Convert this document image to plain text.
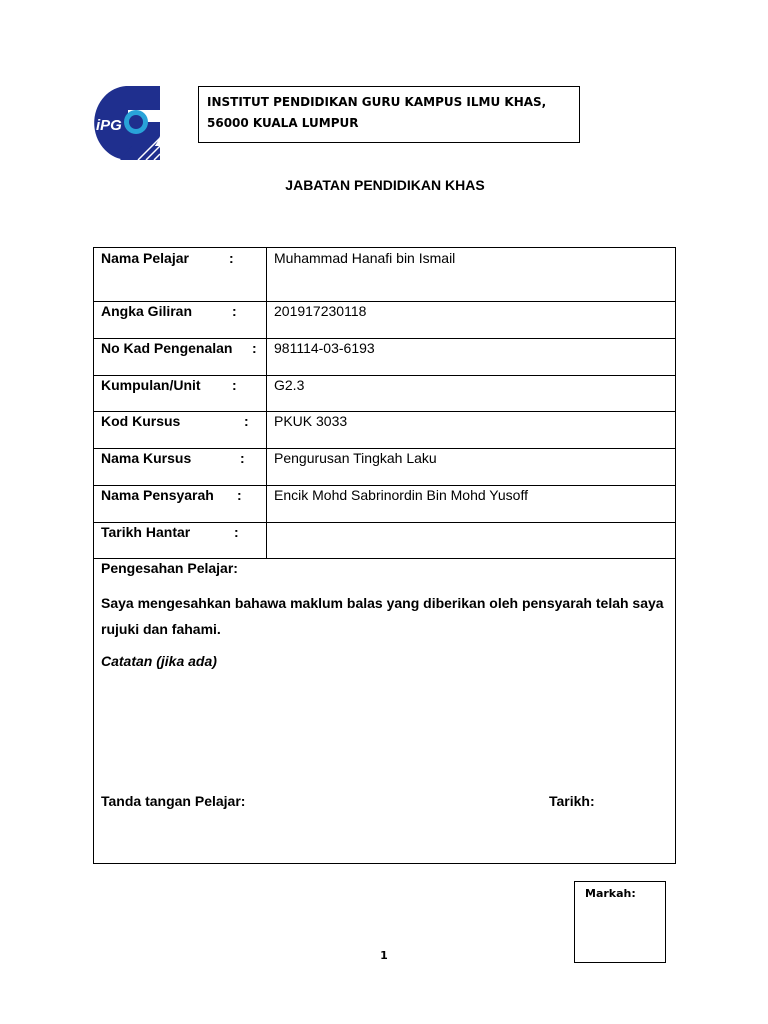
iPG
INSTITUT PENDIDIKAN GURU KAMPUS ILMU KHAS,
56000 KUALA LUMPUR
JABATAN PENDIDIKAN KHAS
Nama Pelajar	:	Muhammad Hanafi bin Ismail
Angka Giliran	:	201917230118
No Kad Pengenalan : 981114-03-6193
Kumpulan/Unit :	G2.3
Kod Kursus	: PKUK 3033
Nama Kursus	: Pengurusan Tingkah Laku
Nama Pensyarah : Encik Mohd Sabrinordin Bin Mohd Yusoff
Tarikh Hantar	:
Pengesahan Pelajar:
Saya mengesahkan bahawa maklum balas yang diberikan oleh pensyarah telah saya rujuki dan fahami.
Catatan (jika ada)
Tanda tangan Pelajar:	Tarikh:
Markah:
1
